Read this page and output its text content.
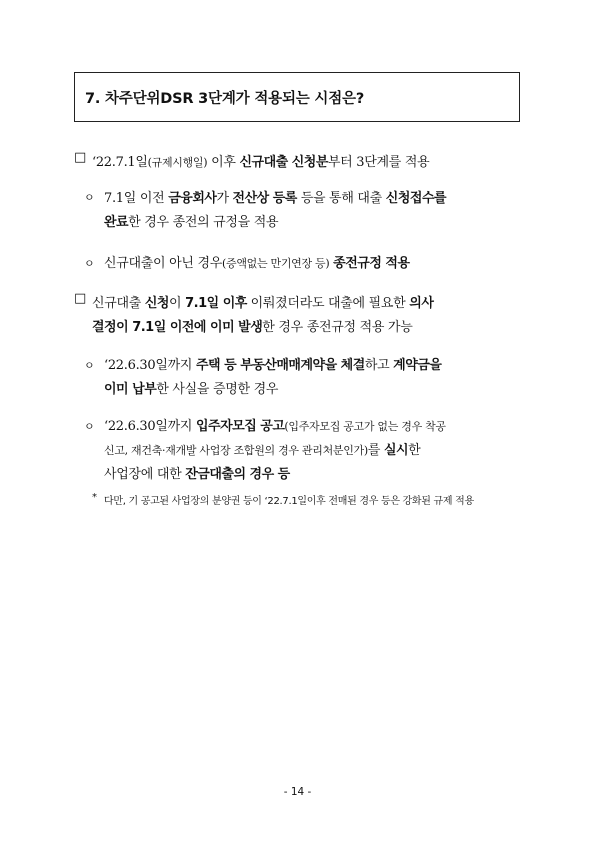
7. 차주단위DSR 3단계가 적용되는 시점은?
□ ‘22.7.1일(규제시행일) 이후 신규대출 신청분부터 3단계를 적용
ㅇ 7.1일 이전 금융회사가 전산상 등록 등을 통해 대출 신청접수를
완료한 경우 종전의 규정을 적용
ㅇ 신규대출이 아닌 경우(증액없는 만기연장 등) 종전규정 적용
□ 신규대출 신청이 7.1일 이후 이뤄졌더라도 대출에 필요한 의사
결정이 7.1일 이전에 이미 발생한 경우 종전규정 적용 가능
ㅇ ‘22.6.30일까지 주택 등 부동산매매계약을 체결하고 계약금을
이미 납부한 사실을 증명한 경우
ㅇ ‘22.6.30일까지 입주자모집 공고(입주자모집 공고가 없는 경우 착공
신고, 재건축·재개발 사업장 조합원의 경우 관리처분인가)를 실시한
사업장에 대한 잔금대출의 경우 등
* 다만, 기 공고된 사업장의 분양권 등이 ‘22.7.1일이후 전매된 경우 등은 강화된 규제 적용
- 14 -
